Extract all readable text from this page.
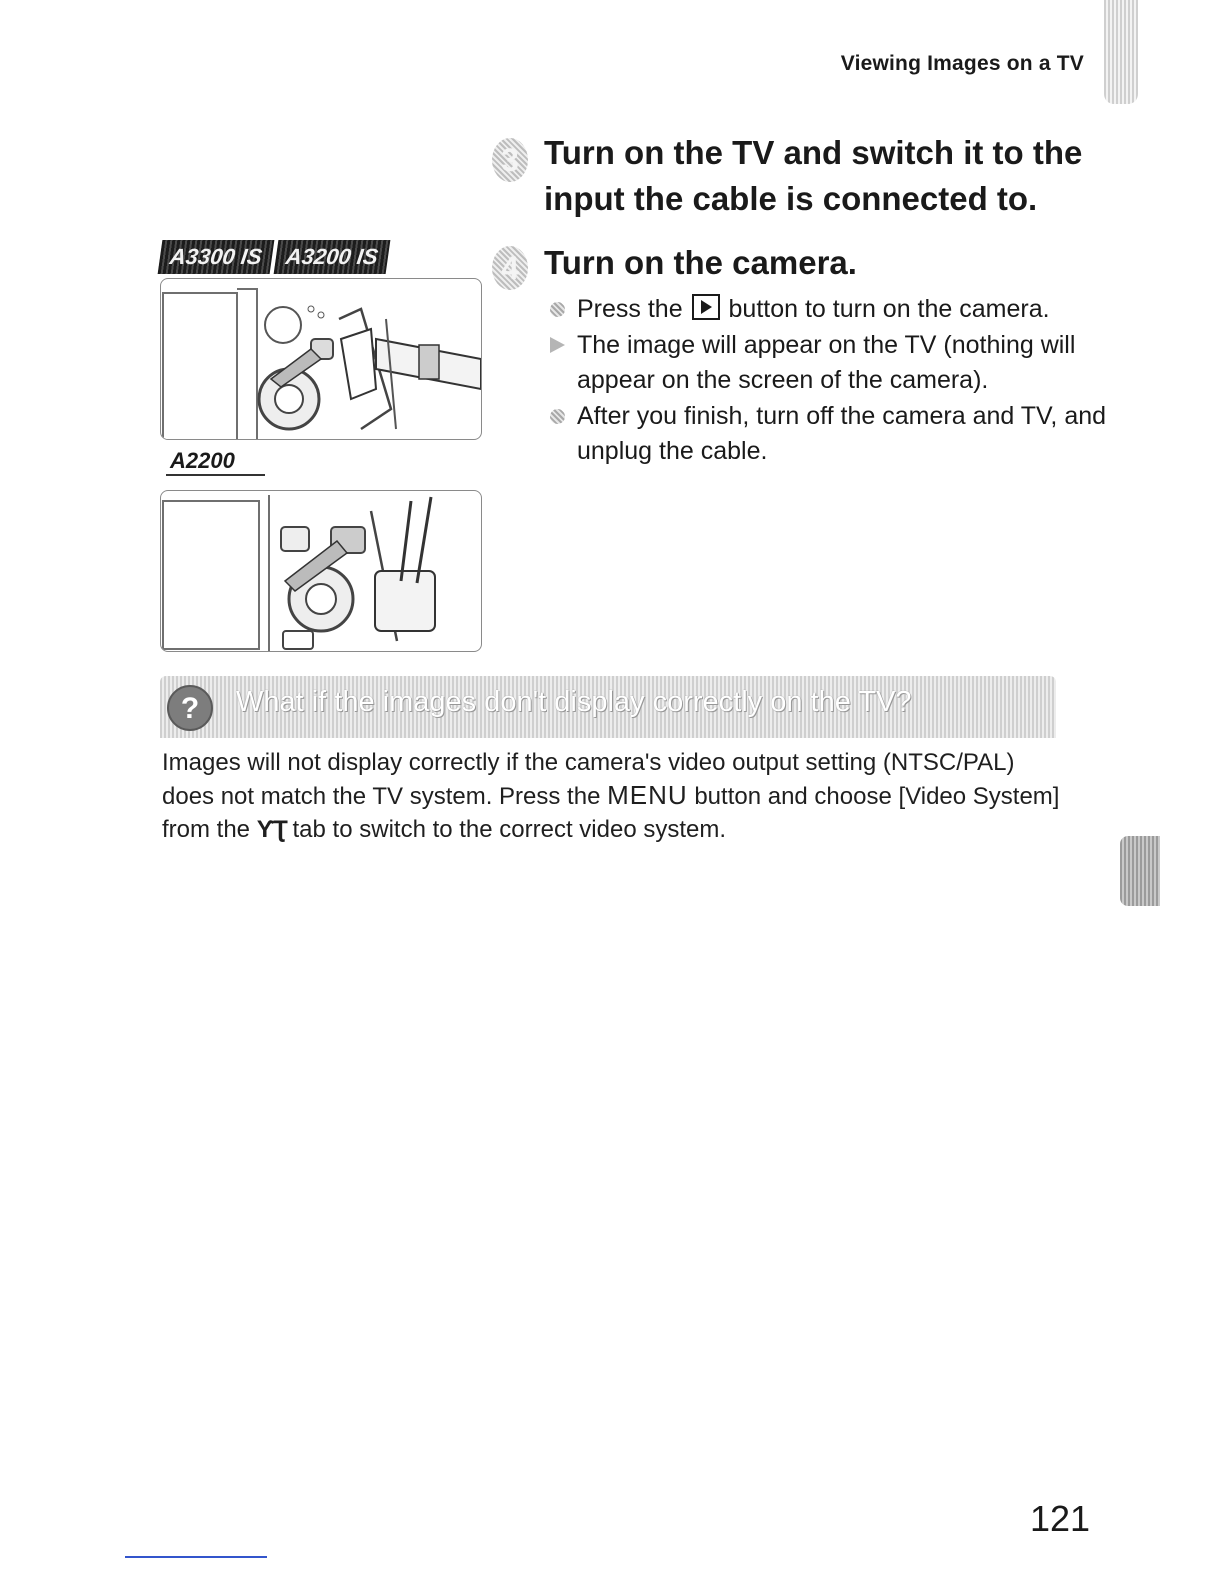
Viewing Images on a TV
3 Turn on the TV and switch it to the input the cable is connected to.
4 Turn on the camera.
Press the button to turn on the camera.
The image will appear on the TV (nothing will appear on the screen of the camera).
After you finish, turn off the camera and TV, and unplug the cable.
A3300 IS A3200 IS
A2200
? What if the images don't display correctly on the TV?
Images will not display correctly if the camera's video output setting (NTSC/PAL) does not match the TV system. Press the MENU button and choose [Video System] from the ƳƮ tab to switch to the correct video system.
121
